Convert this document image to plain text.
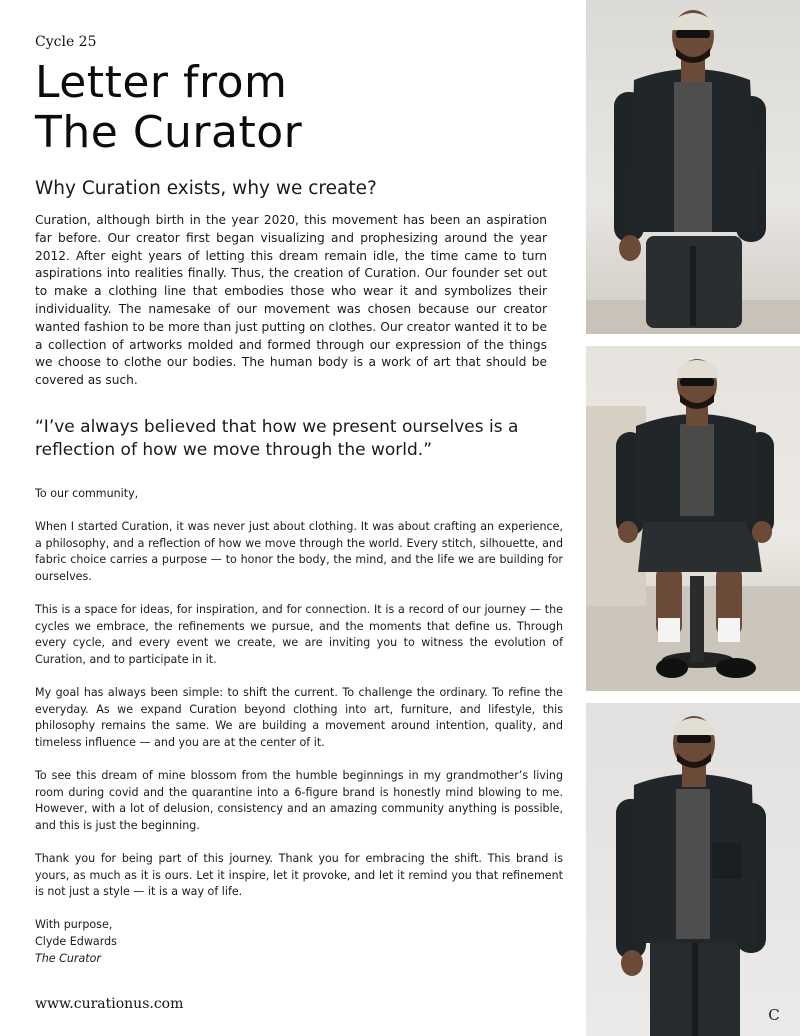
Cycle 25
Letter from
The Curator
Why Curation exists, why we create?

Curation, although birth in the year 2020, this movement has been an aspiration far before. Our creator first began visualizing and prophesizing around the year 2012. After eight years of letting this dream remain idle, the time came to turn aspirations into realities finally. Thus, the creation of Curation. Our founder set out to make a clothing line that embodies those who wear it and symbolizes their individuality. The namesake of our movement was chosen because our creator wanted fashion to be more than just putting on clothes. Our creator wanted it to be a collection of artworks molded and formed through our expression of the things we choose to clothe our bodies. The human body is a work of art that should be covered as such.

“I’ve always believed that how we present ourselves is a reflection of how we move through the world.”

To our community,

When I started Curation, it was never just about clothing. It was about crafting an experience, a philosophy, and a reflection of how we move through the world. Every stitch, silhouette, and fabric choice carries a purpose — to honor the body, the mind, and the life we are building for ourselves.

This is a space for ideas, for inspiration, and for connection. It is a record of our journey — the cycles we embrace, the refinements we pursue, and the moments that define us. Through every cycle, and every event we create, we are inviting you to witness the evolution of Curation, and to participate in it.

My goal has always been simple: to shift the current. To challenge the ordinary. To refine the everyday. As we expand Curation beyond clothing into art, furniture, and lifestyle, this philosophy remains the same. We are building a movement around intention, quality, and timeless influence — and you are at the center of it.

To see this dream of mine blossom from the humble beginnings in my grandmother’s living room during covid and the quarantine into a 6-figure brand is honestly mind blowing to me. However, with a lot of delusion, consistency and an amazing community anything is possible, and this is just the beginning.

Thank you for being part of this journey. Thank you for embracing the shift. This brand is yours, as much as it is ours. Let it inspire, let it provoke, and let it remind you that refinement is not just a style — it is a way of life.

With purpose,
Clyde Edwards
The Curator
www.curationus.com
C
